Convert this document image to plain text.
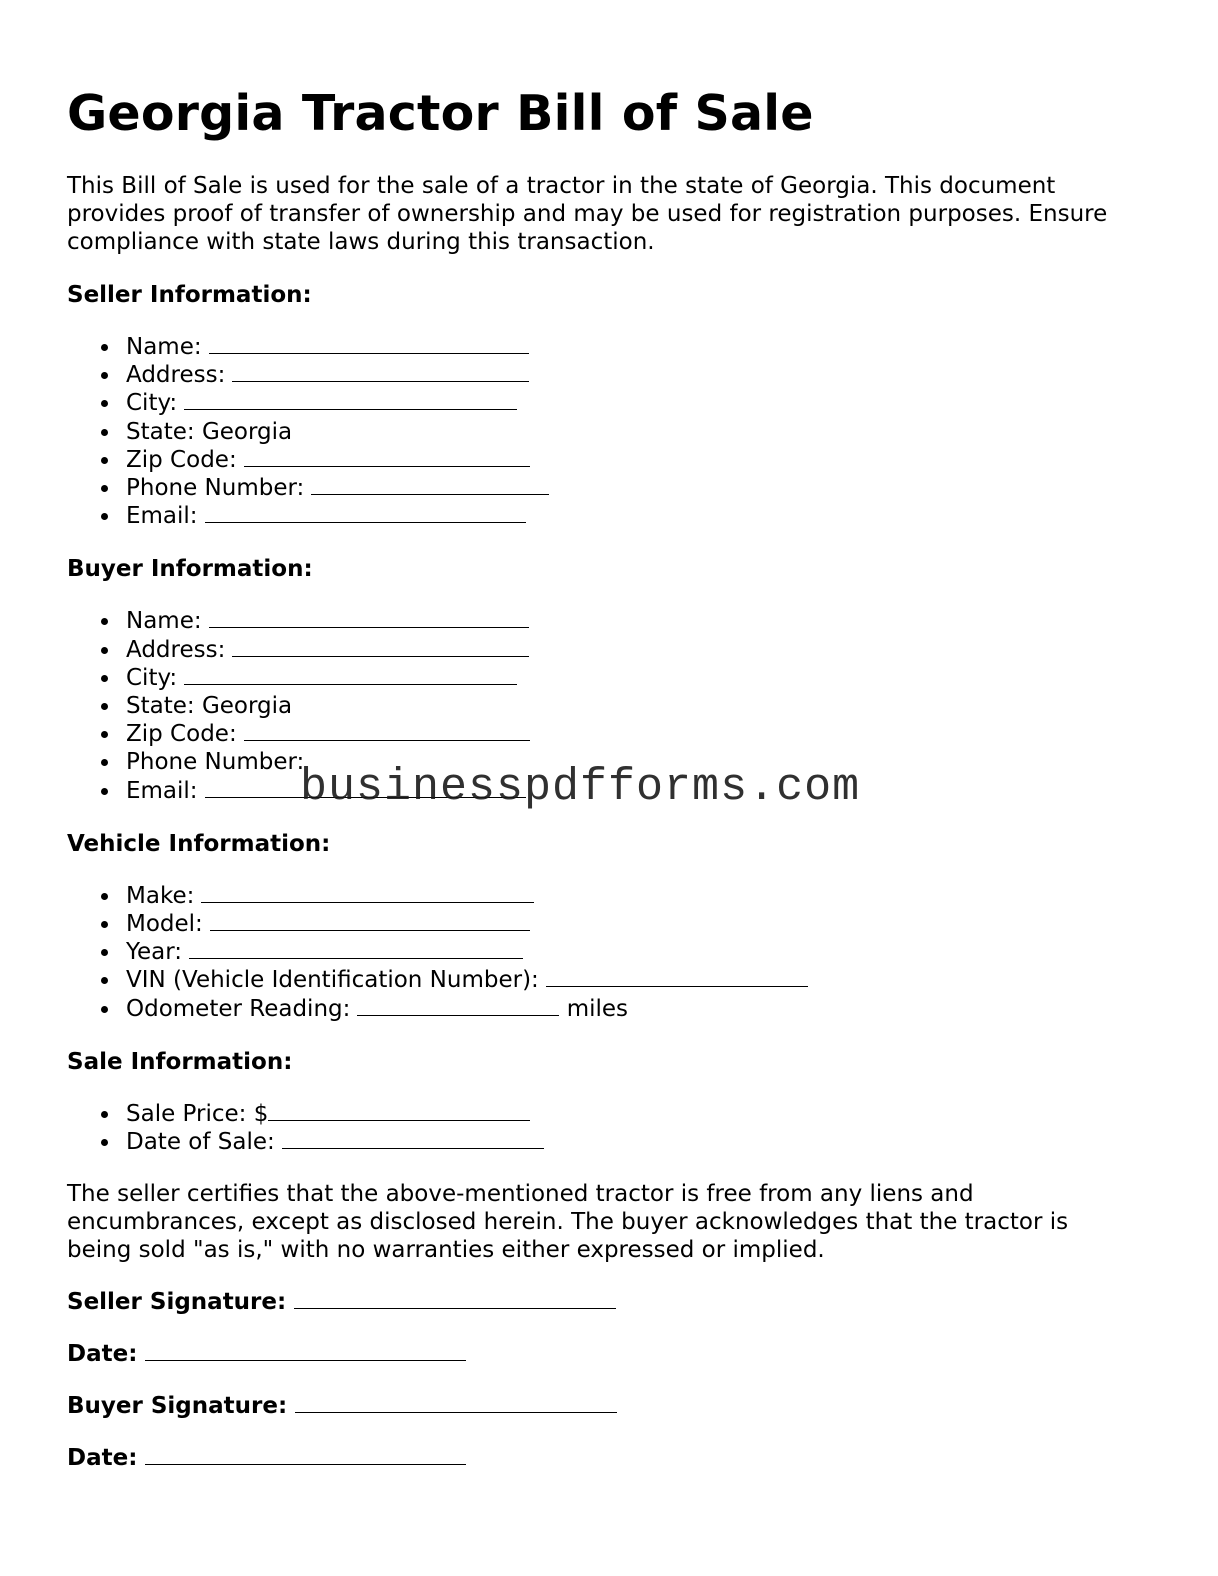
Georgia Tractor Bill of Sale

This Bill of Sale is used for the sale of a tractor in the state of Georgia. This document provides proof of transfer of ownership and may be used for registration purposes. Ensure compliance with state laws during this transaction.

Seller Information:
Name:
Address:
City:
State: Georgia
Zip Code:
Phone Number:
Email:
Buyer Information:
Name:
Address:
City:
State: Georgia
Zip Code:
Phone Number:
Email:
Vehicle Information:
Make:
Model:
Year:
VIN (Vehicle Identification Number):
Odometer Reading:	miles
Sale Information:
Sale Price: $
Date of Sale:

The seller certifies that the above-mentioned tractor is free from any liens and encumbrances, except as disclosed herein. The buyer acknowledges that the tractor is being sold "as is," with no warranties either expressed or implied.

Seller Signature:
Date:
Buyer Signature:
Date:
businesspdfforms.com
